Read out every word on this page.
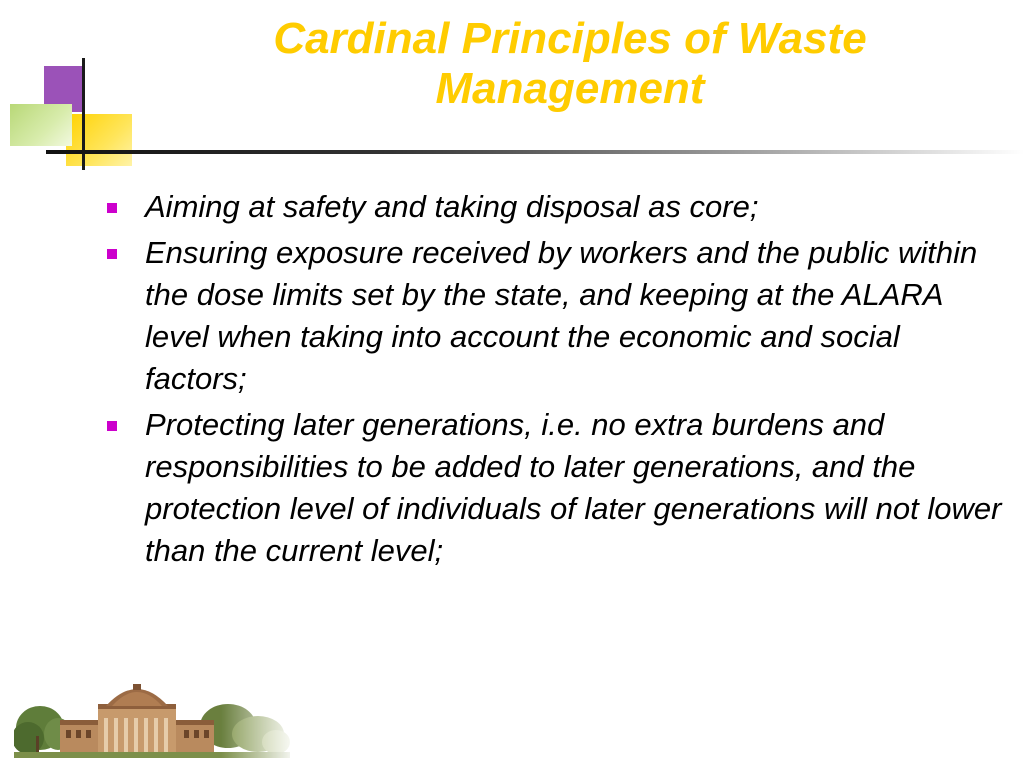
Cardinal Principles of Waste Management
Aiming at safety and taking disposal as core;
Ensuring exposure received by workers and the public within the dose limits set by the state, and keeping at the ALARA level when taking into account the economic and social factors;
Protecting later generations, i.e. no extra burdens and responsibilities to be added to later generations, and the protection level of individuals of later generations will not lower than the current level;
